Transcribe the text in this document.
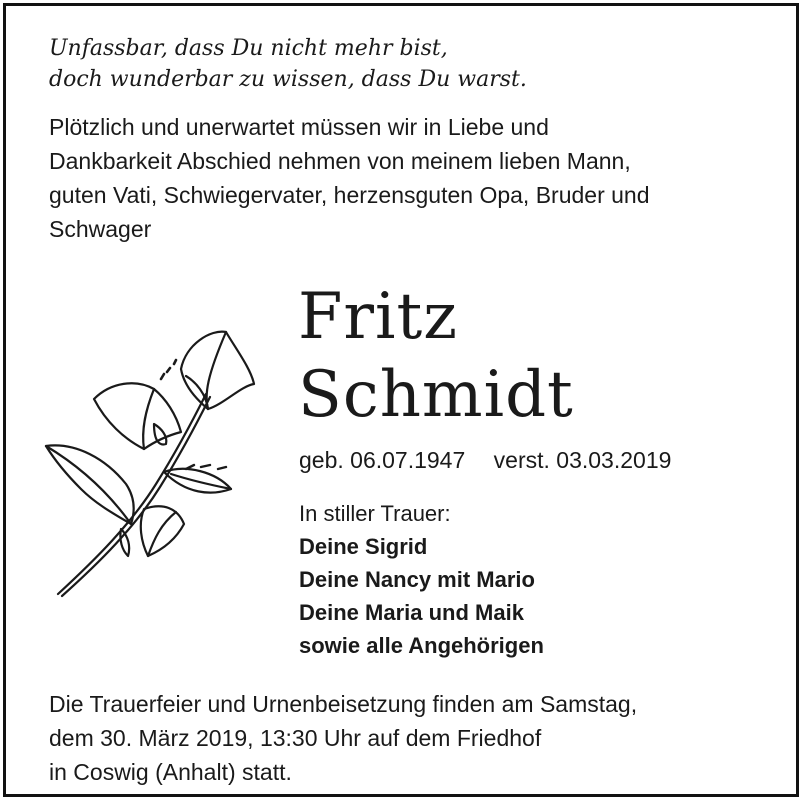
Unfassbar, dass Du nicht mehr bist,
doch wunderbar zu wissen, dass Du warst.
Plötzlich und unerwartet müssen wir in Liebe und
Dankbarkeit Abschied nehmen von meinem lieben Mann,
guten Vati, Schwiegervater, herzensguten Opa, Bruder und
Schwager
Fritz
Schmidt
geb. 06.07.1947 verst. 03.03.2019
In stiller Trauer:
Deine Sigrid
Deine Nancy mit Mario
Deine Maria und Maik
sowie alle Angehörigen
Die Trauerfeier und Urnenbeisetzung finden am Samstag,
dem 30. März 2019, 13:30 Uhr auf dem Friedhof
in Coswig (Anhalt) statt.
